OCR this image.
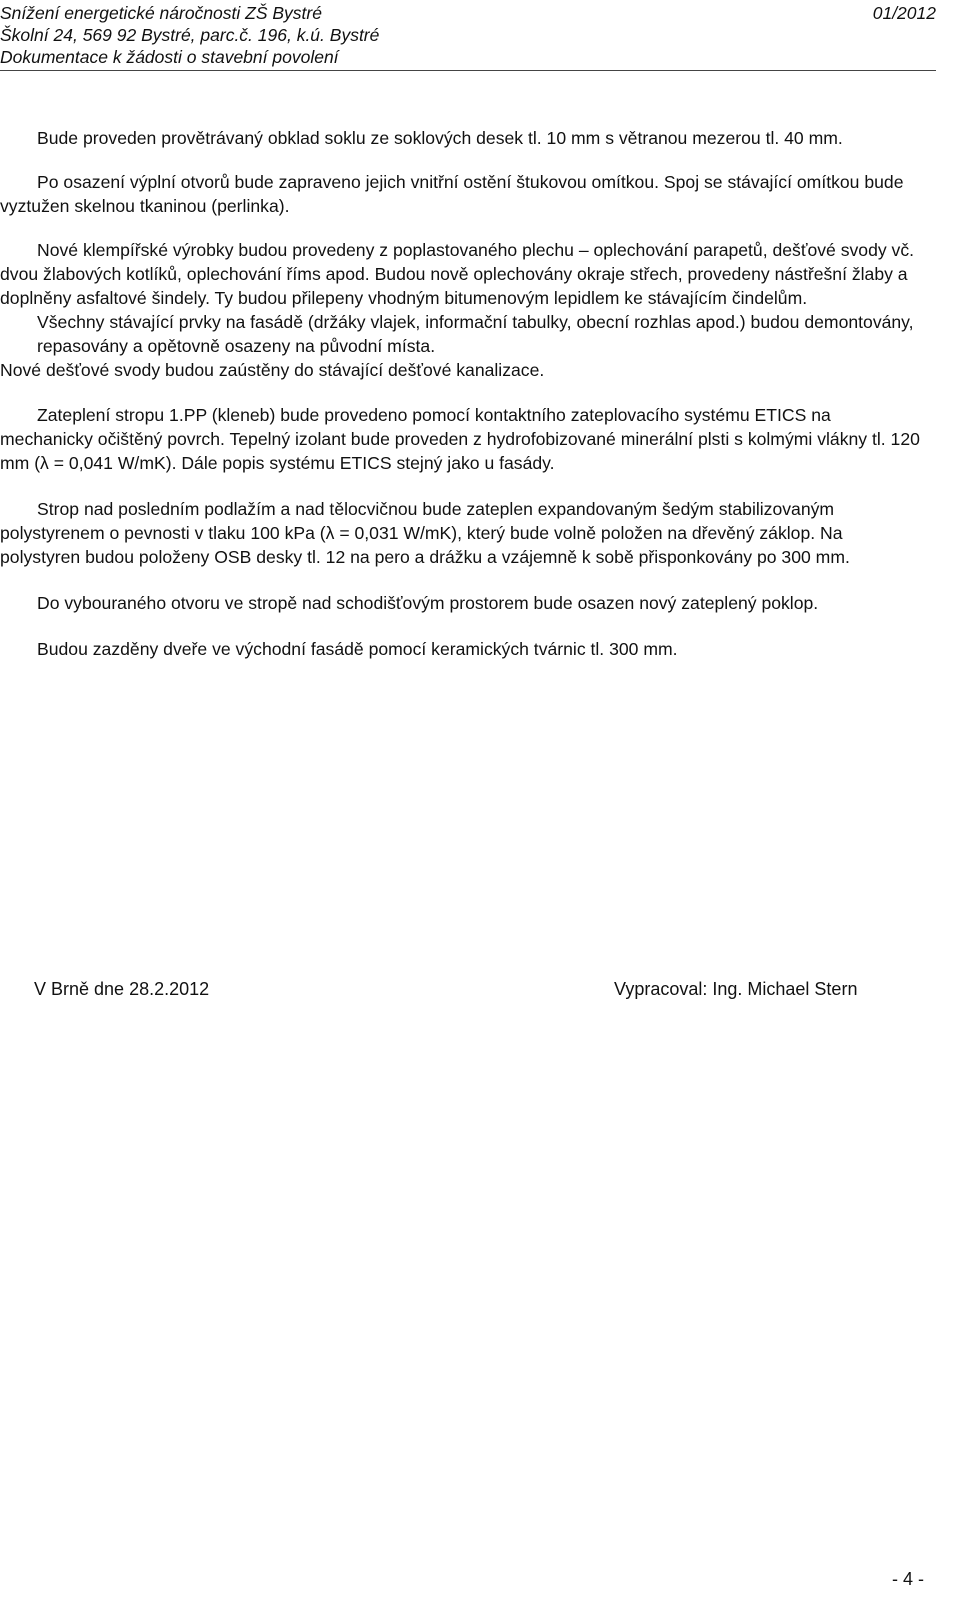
Snížení energetické náročnosti ZŠ Bystré
Školní 24, 569 92 Bystré, parc.č. 196, k.ú. Bystré
Dokumentace k žádosti o stavební povolení
01/2012

Bude proveden provětrávaný obklad soklu ze soklových desek tl. 10 mm s větranou mezerou tl. 40 mm.

Po osazení výplní otvorů bude zapraveno jejich vnitřní ostění štukovou omítkou. Spoj se stávající omítkou bude vyztužen skelnou tkaninou (perlinka).

Nové klempířské výrobky budou provedeny z poplastovaného plechu – oplechování parapetů, dešťové svody vč. dvou žlabových kotlíků, oplechování říms apod. Budou nově oplechovány okraje střech, provedeny nástřešní žlaby a doplněny asfaltové šindely. Ty budou přilepeny vhodným bitumenovým lepidlem ke stávajícím čindelům.

Všechny stávající prvky na fasádě (držáky vlajek, informační tabulky, obecní rozhlas apod.) budou demontovány, repasovány a opětovně osazeny na původní místa.

Nové dešťové svody budou zaústěny do stávající dešťové kanalizace.

Zateplení stropu 1.PP (kleneb) bude provedeno pomocí kontaktního zateplovacího systému ETICS na mechanicky očištěný povrch. Tepelný izolant bude proveden z hydrofobizované minerální plsti s kolmými vlákny tl. 120 mm (λ = 0,041 W/mK). Dále popis systému ETICS stejný jako u fasády.

Strop nad posledním podlažím a nad tělocvičnou bude zateplen expandovaným šedým stabilizovaným polystyrenem o pevnosti v tlaku 100 kPa (λ = 0,031 W/mK), který bude volně položen na dřevěný záklop. Na polystyren budou položeny OSB desky tl. 12 na pero a drážku a vzájemně k sobě přisponkovány po 300 mm.

Do vybouraného otvoru ve stropě nad schodišťovým prostorem bude osazen nový zateplený poklop.

Budou zazděny dveře ve východní fasádě pomocí keramických tvárnic tl. 300 mm.

V Brně dne 28.2.2012	Vypracoval: Ing. Michael Stern
- 4 -
